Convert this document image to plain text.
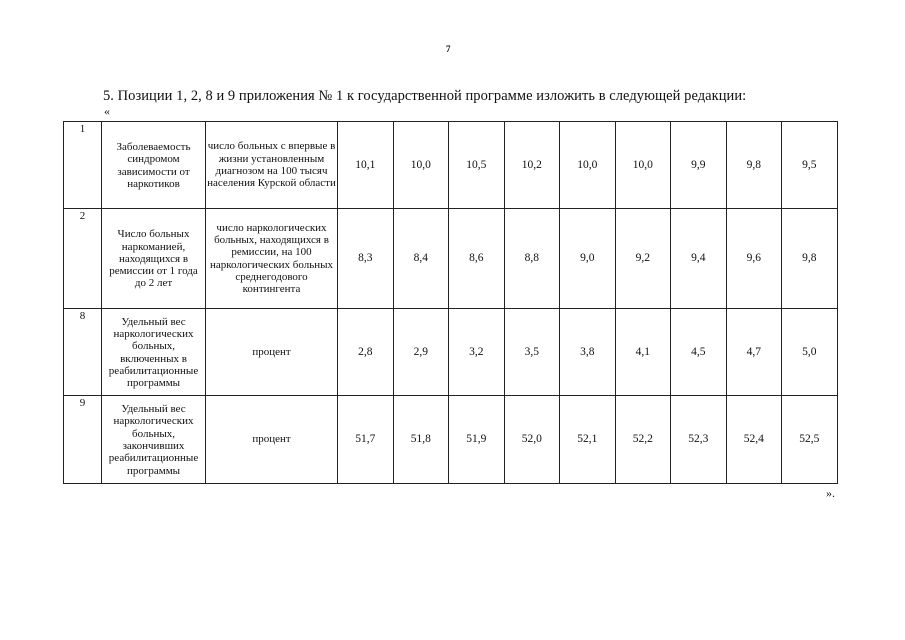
7
5. Позиции 1, 2, 8 и 9 приложения № 1 к государственной программе изложить в следующей редакции:
«
1	Заболеваемость синдромом зависимости от наркотиков	число больных с впервые в жизни установленным диагнозом на 100 тысяч населения Курской области	10,1	10,0	10,5	10,2	10,0	10,0	9,9	9,8	9,5
2	Число больных наркоманией, находящихся в ремиссии от 1 года до 2 лет	число наркологических больных, находящихся в ремиссии, на 100 наркологических больных среднегодового контингента	8,3	8,4	8,6	8,8	9,0	9,2	9,4	9,6	9,8
8	Удельный вес наркологических больных, включенных в реабилитационные программы	процент	2,8	2,9	3,2	3,5	3,8	4,1	4,5	4,7	5,0
9	Удельный вес наркологических больных, закончивших реабилитационные программы	процент	51,7	51,8	51,9	52,0	52,1	52,2	52,3	52,4	52,5
».
